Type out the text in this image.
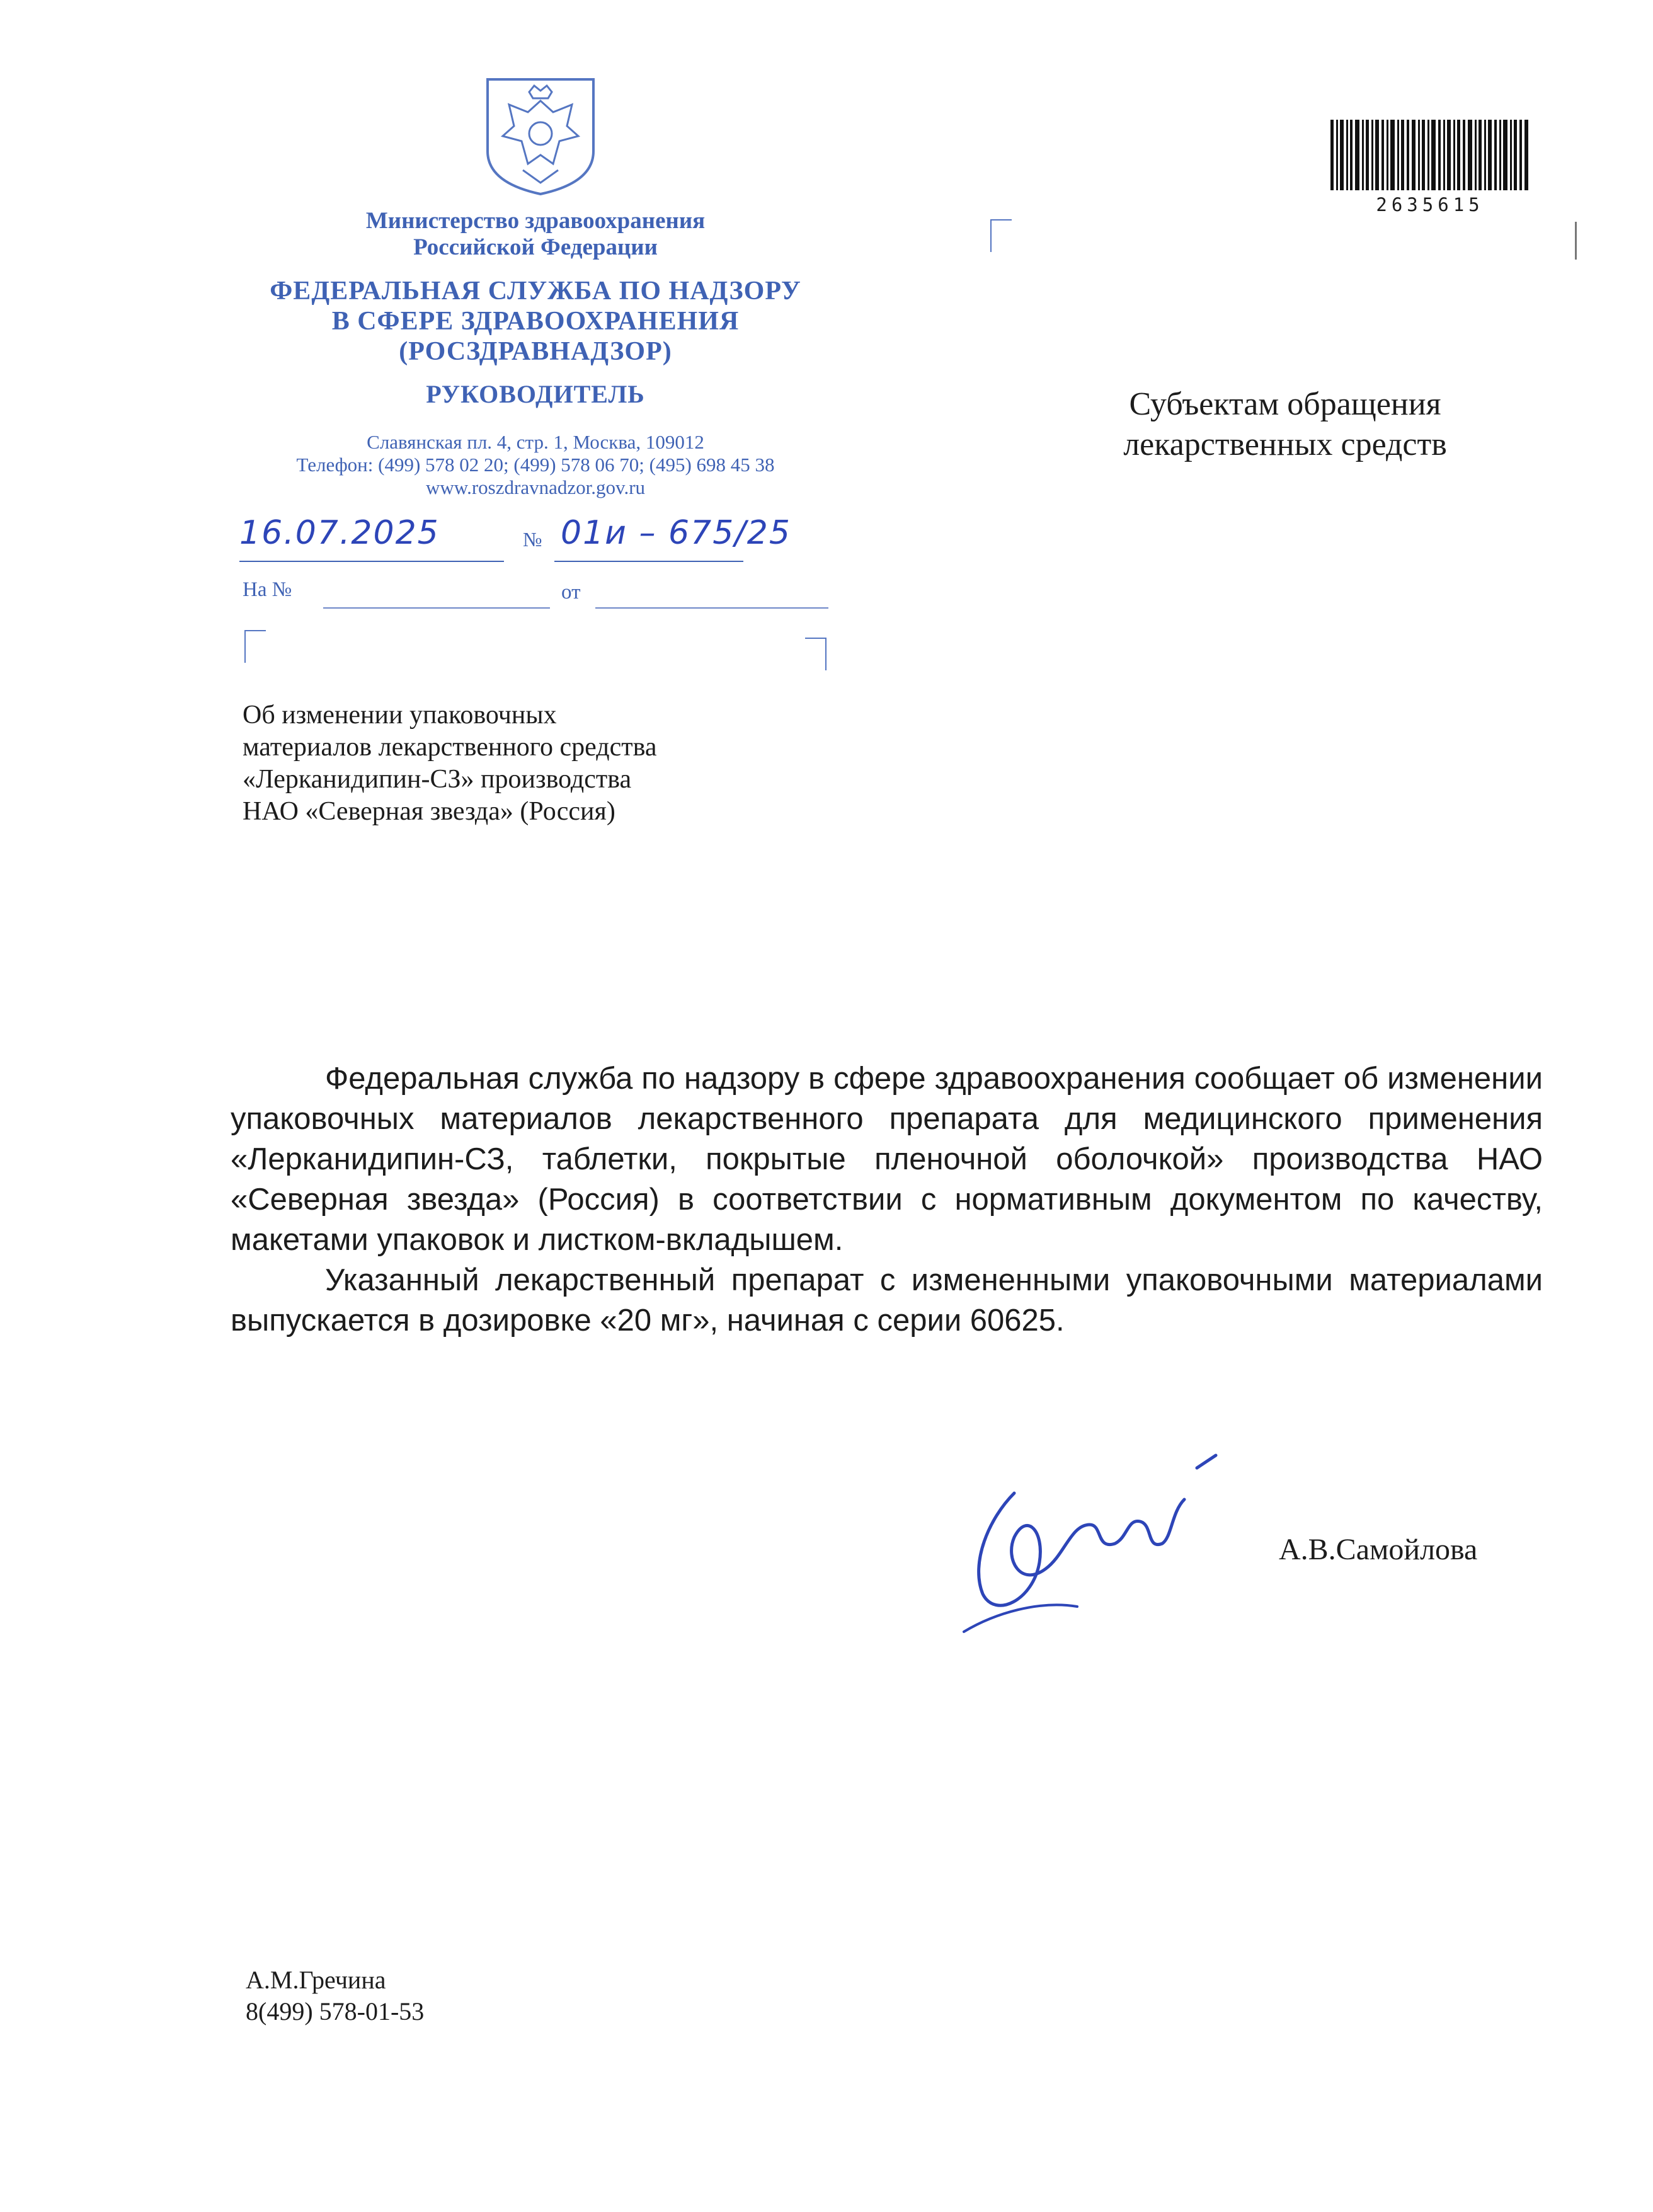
Министерство здравоохранения
Российской Федерации
ФЕДЕРАЛЬНАЯ СЛУЖБА ПО НАДЗОРУ
В СФЕРЕ ЗДРАВООХРАНЕНИЯ
(РОСЗДРАВНАДЗОР)
РУКОВОДИТЕЛЬ
Славянская пл. 4, стр. 1, Москва, 109012
Телефон: (499) 578 02 20; (499) 578 06 70; (495) 698 45 38
www.roszdravnadzor.gov.ru
16.07.2025	№ 01и – 675/25
На №	от
2635615
Субъектам обращения
лекарственных средств
Об изменении упаковочных
материалов лекарственного средства
«Лерканидипин-СЗ» производства
НАО «Северная звезда» (Россия)

Федеральная служба по надзору в сфере здравоохранения сообщает об изменении упаковочных материалов лекарственного препарата для медицинского применения «Лерканидипин-СЗ, таблетки, покрытые пленочной оболочкой» производства НАО «Северная звезда» (Россия) в соответствии с нормативным документом по качеству, макетами упаковок и листком-вкладышем.

Указанный лекарственный препарат с измененными упаковочными материалами выпускается в дозировке «20 мг», начиная с серии 60625.

А.В.Самойлова
А.М.Гречина
8(499) 578-01-53
